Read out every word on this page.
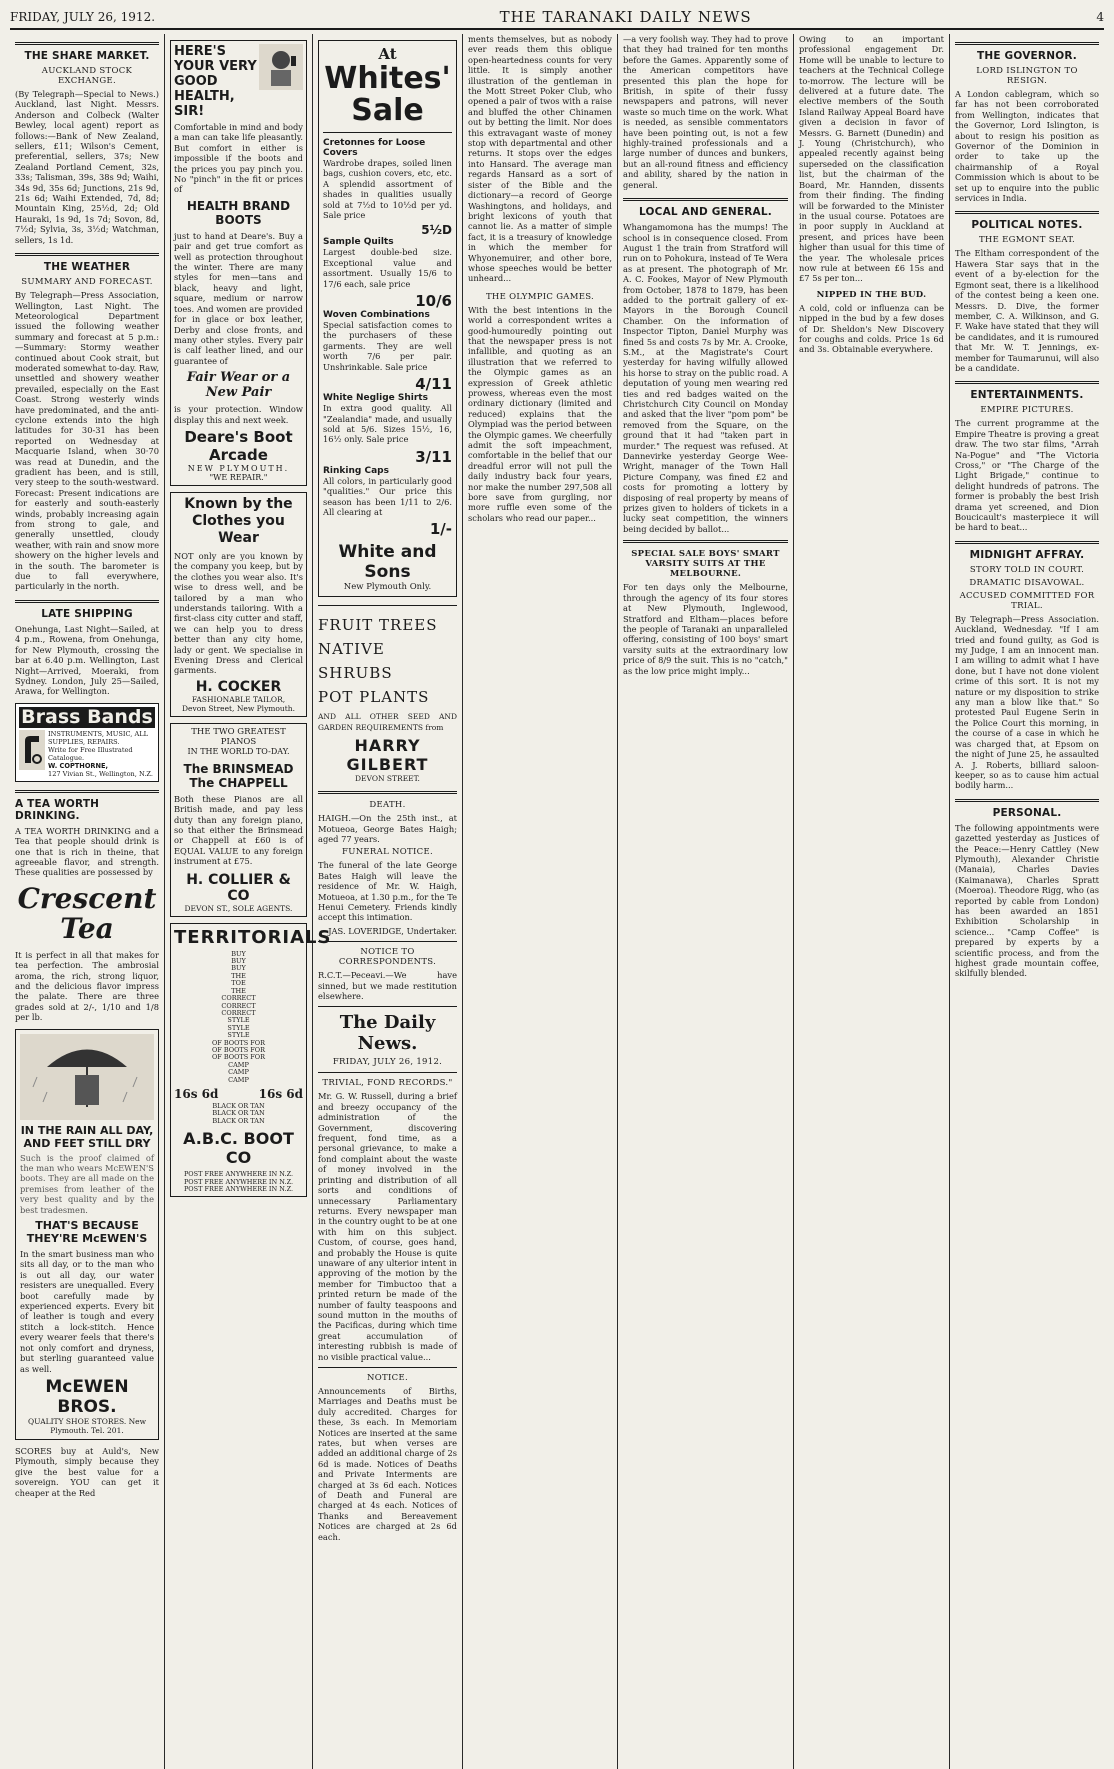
FRIDAY, JULY 26, 1912.	THE TARANAKI DAILY NEWS	4
THE SHARE MARKET.
AUCKLAND STOCK EXCHANGE.
(By Telegraph—Special to News.) Auckland, last Night. Messrs. Anderson and Colbeck (Walter Bewley, local agent) report as follows:—Bank of New Zealand, sellers, £11; Wilson's Cement, preferential, sellers, 37s; New Zealand Portland Cement, 32s, 33s; Talisman, 39s, 38s 9d; Waihi, 34s 9d, 35s 6d; Junctions, 21s 9d, 21s 6d; Waihi Extended, 7d, 8d; Mountain King, 25½d, 2d; Old Hauraki, 1s 9d, 1s 7d; Sovon, 8d, 7½d; Sylvia, 3s, 3½d; Watchman, sellers, 1s 1d.
THE WEATHER
SUMMARY AND FORECAST.
By Telegraph—Press Association, Wellington, Last Night. The Meteorological Department issued the following weather summary and forecast at 5 p.m.:—Summary: Stormy weather continued about Cook strait, but moderated somewhat to-day. Raw, unsettled and showery weather prevailed, especially on the East Coast. Strong westerly winds have predominated, and the anti-cyclone extends into the high latitudes for 30-31 has been reported on Wednesday at Macquarie Island, when 30·70 was read at Dunedin, and the gradient has been, and is still, very steep to the south-westward. Forecast: Present indications are for easterly and south-easterly winds, probably increasing again from strong to gale, and generally unsettled, cloudy weather, with rain and snow more showery on the higher levels and in the south. The barometer is due to fall everywhere, particularly in the north.
LATE SHIPPING
Onehunga, Last Night—Sailed, at 4 p.m., Rowena, from Onehunga, for New Plymouth, crossing the bar at 6.40 p.m. Wellington, Last Night—Arrived, Moeraki, from Sydney. London, July 25—Sailed, Arawa, for Wellington.
Brass Bands
INSTRUMENTS, MUSIC, ALL SUPPLIES, REPAIRS.
Write for Free Illustrated Catalogue.
W. COPTHORNE,
127 Vivian St., Wellington, N.Z.
A TEA WORTH DRINKING.
A TEA WORTH DRINKING and a Tea that people should drink is one that is rich in theine, that agreeable flavor, and strength. These qualities are possessed by
Crescent Tea
It is perfect in all that makes for tea perfection. The ambrosial aroma, the rich, strong liquor, and the delicious flavor impress the palate. There are three grades sold at 2/-, 1/10 and 1/8 per lb.
IN THE RAIN ALL DAY, AND FEET STILL DRY
Such is the proof claimed of the man who wears McEWEN'S boots. They are all made on the premises from leather of the very best quality and by the best tradesmen.
THAT'S BECAUSE THEY'RE McEWEN'S
In the smart business man who sits all day, or to the man who is out all day, our water resisters are unequalled. Every boot carefully made by experienced experts. Every bit of leather is tough and every stitch a lock-stitch. Hence every wearer feels that there's not only comfort and dryness, but sterling guaranteed value as well.
McEWEN BROS.
QUALITY SHOE STORES. New Plymouth. Tel. 201.
SCORES buy at Auld's, New Plymouth, simply because they give the best value for a sovereign. YOU can get it cheaper at the Red
HERE'S YOUR VERY GOOD HEALTH, SIR!
Comfortable in mind and body a man can take life pleasantly. But comfort in either is impossible if the boots and the prices you pay pinch you. No "pinch" in the fit or prices of
HEALTH BRAND BOOTS
just to hand at Deare's. Buy a pair and get true comfort as well as protection throughout the winter. There are many styles for men—tans and black, heavy and light, square, medium or narrow toes. And women are provided for in glace or box leather, Derby and close fronts, and many other styles. Every pair is calf leather lined, and our guarantee of
Fair Wear or a New Pair
is your protection. Window display this and next week.
Deare's Boot Arcade
NEW PLYMOUTH.
"WE REPAIR."
Known by the Clothes you Wear
NOT only are you known by the company you keep, but by the clothes you wear also. It's wise to dress well, and be tailored by a man who understands tailoring. With a first-class city cutter and staff, we can help you to dress better than any city home, lady or gent. We specialise in Evening Dress and Clerical garments.
H. COCKER
FASHIONABLE TAILOR,
Devon Street, New Plymouth.
THE TWO GREATEST PIANOS
IN THE WORLD TO-DAY.
The BRINSMEAD
The CHAPPELL
Both these Pianos are all British made, and pay less duty than any foreign piano, so that either the Brinsmead or Chappell at £60 is of EQUAL VALUE to any foreign instrument at £75.
H. COLLIER & CO
DEVON ST., SOLE AGENTS.
TERRITORIALS
BUY
BUY
BUY
THE
TOE
THE
CORRECT
CORRECT
CORRECT
STYLE
STYLE
STYLE
OF BOOTS FOR
OF BOOTS FOR
OF BOOTS FOR
CAMP
CAMP
CAMP
16s 6d	16s 6d
BLACK OR TAN
BLACK OR TAN
BLACK OR TAN
A.B.C. BOOT CO
POST FREE ANYWHERE IN N.Z.
POST FREE ANYWHERE IN N.Z.
POST FREE ANYWHERE IN N.Z.
At
Whites'
Sale
Cretonnes for Loose Covers
Wardrobe drapes, soiled linen bags, cushion covers, etc, etc. A splendid assortment of shades in qualities usually sold at 7½d to 10½d per yd. Sale price
5½D
Sample Quilts
Largest double-bed size. Exceptional value and assortment. Usually 15/6 to 17/6 each, sale price
10/6
Woven Combinations
Special satisfaction comes to the purchasers of these garments. They are well worth 7/6 per pair. Unshrinkable. Sale price
4/11
White Neglige Shirts
In extra good quality. All "Zealandia" made, and usually sold at 5/6. Sizes 15½, 16, 16½ only. Sale price
3/11
Rinking Caps
All colors, in particularly good "qualities." Our price this season has been 1/11 to 2/6. All clearing at
1/-
White and Sons
New Plymouth Only.
FRUIT TREES
NATIVE
SHRUBS
POT PLANTS
AND ALL OTHER SEED AND GARDEN REQUIREMENTS from
HARRY GILBERT
DEVON STREET.
DEATH.
HAIGH.—On the 25th inst., at Motueoa, George Bates Haigh; aged 77 years.
FUNERAL NOTICE.
The funeral of the late George Bates Haigh will leave the residence of Mr. W. Haigh, Motueoa, at 1.30 p.m., for the Te Henui Cemetery. Friends kindly accept this intimation.
JAS. LOVERIDGE, Undertaker.
NOTICE TO CORRESPONDENTS.
R.C.T.—Peceavi.—We have sinned, but we made restitution elsewhere.
The Daily News.
FRIDAY, JULY 26, 1912.
TRIVIAL, FOND RECORDS."
Mr. G. W. Russell, during a brief and breezy occupancy of the administration of the Government, discovering frequent, fond time, as a personal grievance, to make a fond complaint about the waste of money involved in the printing and distribution of all sorts and conditions of unnecessary Parliamentary returns. Every newspaper man in the country ought to be at one with him on this subject. Custom, of course, goes hand, and probably the House is quite unaware of any ulterior intent in approving of the motion by the member for Timbuctoo that a printed return be made of the number of faulty teaspoons and sound mutton in the mouths of the Pacificas, during which time great accumulation of interesting rubbish is made of no visible practical value...
NOTICE.
Announcements of Births, Marriages and Deaths must be duly accredited. Charges for these, 3s each. In Memoriam Notices are inserted at the same rates, but when verses are added an additional charge of 2s 6d is made. Notices of Deaths and Private Interments are charged at 3s 6d each. Notices of Death and Funeral are charged at 4s each. Notices of Thanks and Bereavement Notices are charged at 2s 6d each.
ments themselves, but as nobody ever reads them this oblique open-heartedness counts for very little. It is simply another illustration of the gentleman in the Mott Street Poker Club, who opened a pair of twos with a raise and bluffed the other Chinamen out by betting the limit. Nor does this extravagant waste of money stop with departmental and other returns. It stops over the edges into Hansard. The average man regards Hansard as a sort of sister of the Bible and the dictionary—a record of George Washingtons, and holidays, and bright lexicons of youth that cannot lie. As a matter of simple fact, it is a treasury of knowledge in which the member for Whyonemuirer, and other bore, whose speeches would be better unheard...
THE OLYMPIC GAMES.
With the best intentions in the world a correspondent writes a good-humouredly pointing out that the newspaper press is not infallible, and quoting as an illustration that we referred to the Olympic games as an expression of Greek athletic prowess, whereas even the most ordinary dictionary (limited and reduced) explains that the Olympiad was the period between the Olympic games. We cheerfully admit the soft impeachment, comfortable in the belief that our dreadful error will not pull the daily industry back four years, nor make the number 297,508 all bore save from gurgling, nor more ruffle even some of the scholars who read our paper...
—a very foolish way. They had to prove that they had trained for ten months before the Games. Apparently some of the American competitors have presented this plan the hope for British, in spite of their fussy newspapers and patrons, will never waste so much time on the work. What is needed, as sensible commentators have been pointing out, is not a few highly-trained professionals and a large number of dunces and bunkers, but an all-round fitness and efficiency and ability, shared by the nation in general.
LOCAL AND GENERAL.
Whangamomona has the mumps! The school is in consequence closed. From August 1 the train from Stratford will run on to Pohokura, instead of Te Wera as at present. The photograph of Mr. A. C. Fookes, Mayor of New Plymouth from October, 1878 to 1879, has been added to the portrait gallery of ex-Mayors in the Borough Council Chamber. On the information of Inspector Tipton, Daniel Murphy was fined 5s and costs 7s by Mr. A. Crooke, S.M., at the Magistrate's Court yesterday for having wilfully allowed his horse to stray on the public road. A deputation of young men wearing red ties and red badges waited on the Christchurch City Council on Monday and asked that the liver "pom pom" be removed from the Square, on the ground that it had "taken part in murder." The request was refused. At Dannevirke yesterday George Wee-Wright, manager of the Town Hall Picture Company, was fined £2 and costs for promoting a lottery by disposing of real property by means of prizes given to holders of tickets in a lucky seat competition, the winners being decided by ballot...
SPECIAL SALE BOYS' SMART VARSITY SUITS AT THE MELBOURNE.
For ten days only the Melbourne, through the agency of its four stores at New Plymouth, Inglewood, Stratford and Eltham—places before the people of Taranaki an unparalleled offering, consisting of 100 boys' smart varsity suits at the extraordinary low price of 8/9 the suit. This is no "catch," as the low price might imply...
Owing to an important professional engagement Dr. Home will be unable to lecture to teachers at the Technical College to-morrow. The lecture will be delivered at a future date. The elective members of the South Island Railway Appeal Board have given a decision in favor of Messrs. G. Barnett (Dunedin) and J. Young (Christchurch), who appealed recently against being superseded on the classification list, but the chairman of the Board, Mr. Hannden, dissents from their finding. The finding will be forwarded to the Minister in the usual course. Potatoes are in poor supply in Auckland at present, and prices have been higher than usual for this time of the year. The wholesale prices now rule at between £6 15s and £7 5s per ton...
NIPPED IN THE BUD.
A cold, cold or influenza can be nipped in the bud by a few doses of Dr. Sheldon's New Discovery for coughs and colds. Price 1s 6d and 3s. Obtainable everywhere.
THE GOVERNOR.
LORD ISLINGTON TO RESIGN.
A London cablegram, which so far has not been corroborated from Wellington, indicates that the Governor, Lord Islington, is about to resign his position as Governor of the Dominion in order to take up the chairmanship of a Royal Commission which is about to be set up to enquire into the public services in India.
POLITICAL NOTES.
THE EGMONT SEAT.
The Eltham correspondent of the Hawera Star says that in the event of a by-election for the Egmont seat, there is a likelihood of the contest being a keen one. Messrs. D. Dive, the former member, C. A. Wilkinson, and G. F. Wake have stated that they will be candidates, and it is rumoured that Mr. W. T. Jennings, ex-member for Taumarunui, will also be a candidate.
ENTERTAINMENTS.
EMPIRE PICTURES.
The current programme at the Empire Theatre is proving a great draw. The two star films, "Arrah Na-Pogue" and "The Victoria Cross," or "The Charge of the Light Brigade," continue to delight hundreds of patrons. The former is probably the best Irish drama yet screened, and Dion Boucicault's masterpiece it will be hard to beat...
MIDNIGHT AFFRAY.
STORY TOLD IN COURT.
DRAMATIC DISAVOWAL.
ACCUSED COMMITTED FOR TRIAL.
By Telegraph—Press Association. Auckland, Wednesday. "If I am tried and found guilty, as God is my Judge, I am an innocent man. I am willing to admit what I have done, but I have not done violent crime of this sort. It is not my nature or my disposition to strike any man a blow like that." So protested Paul Eugene Serin in the Police Court this morning, in the course of a case in which he was charged that, at Epsom on the night of June 25, he assaulted A. J. Roberts, billiard saloon-keeper, so as to cause him actual bodily harm...
PERSONAL.
The following appointments were gazetted yesterday as Justices of the Peace:—Henry Cattley (New Plymouth), Alexander Christie (Manaia), Charles Davies (Kaimanawa), Charles Spratt (Moeroa). Theodore Rigg, who (as reported by cable from London) has been awarded an 1851 Exhibition Scholarship in science... "Camp Coffee" is prepared by experts by a scientific process, and from the highest grade mountain coffee, skilfully blended.
